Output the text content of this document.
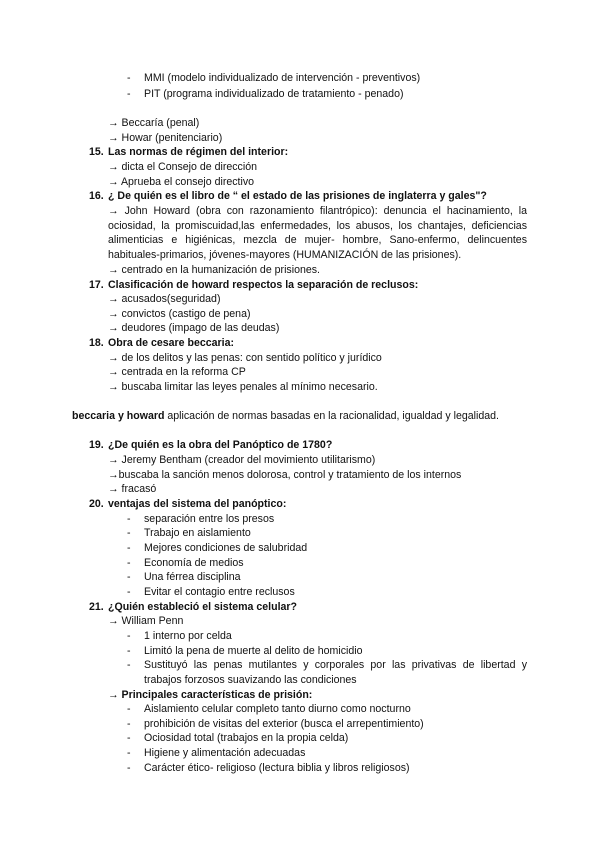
- MMI (modelo individualizado de intervención - preventivos)
- PIT (programa individualizado de tratamiento - penado)
→ Beccaría (penal)
→ Howar (penitenciario)
15. Las normas de régimen del interior:
→ dicta el Consejo de dirección
→ Aprueba el consejo directivo
16. ¿ De quién es el libro de “ el estado de las prisiones de inglaterra y gales"?
→ John Howard (obra con razonamiento filantrópico): denuncia el hacinamiento, la
ociosidad, la promiscuidad,las enfermedades, los abusos, los chantajes, deficiencias
alimenticias e higiénicas, mezcla de mujer- hombre, Sano-enfermo, delincuentes
habituales-primarios, jóvenes-mayores (HUMANIZACIÓN de las prisiones).
→ centrado en la humanización de prisiones.
17. Clasificación de howard respectos la separación de reclusos:
→ acusados(seguridad)
→ convictos (castigo de pena)
→ deudores (impago de las deudas)
18. Obra de cesare beccaria:
→ de los delitos y las penas: con sentido político y jurídico
→ centrada en la reforma CP
→ buscaba limitar las leyes penales al mínimo necesario.
beccaria y howard aplicación de normas basadas en la racionalidad, igualdad y legalidad.
19. ¿De quién es la obra del Panóptico de 1780?
→ Jeremy Bentham (creador del movimiento utilitarismo)
→buscaba la sanción menos dolorosa, control y tratamiento de los internos
→ fracasó
20. ventajas del sistema del panóptico:
- separación entre los presos
- Trabajo en aislamiento
- Mejores condiciones de salubridad
- Economía de medios
- Una férrea disciplina
- Evitar el contagio entre reclusos
21. ¿Quién estableció el sistema celular?
→ William Penn
- 1 interno por celda
- Limitó la pena de muerte al delito de homicidio
- Sustituyó las penas mutilantes y corporales por las privativas de libertad y
trabajos forzosos suavizando las condiciones
→ Principales características de prisión:
- Aislamiento celular completo tanto diurno como nocturno
- prohibición de visitas del exterior (busca el arrepentimiento)
- Ociosidad total (trabajos en la propia celda)
- Higiene y alimentación adecuadas
- Carácter ético- religioso (lectura biblia y libros religiosos)
